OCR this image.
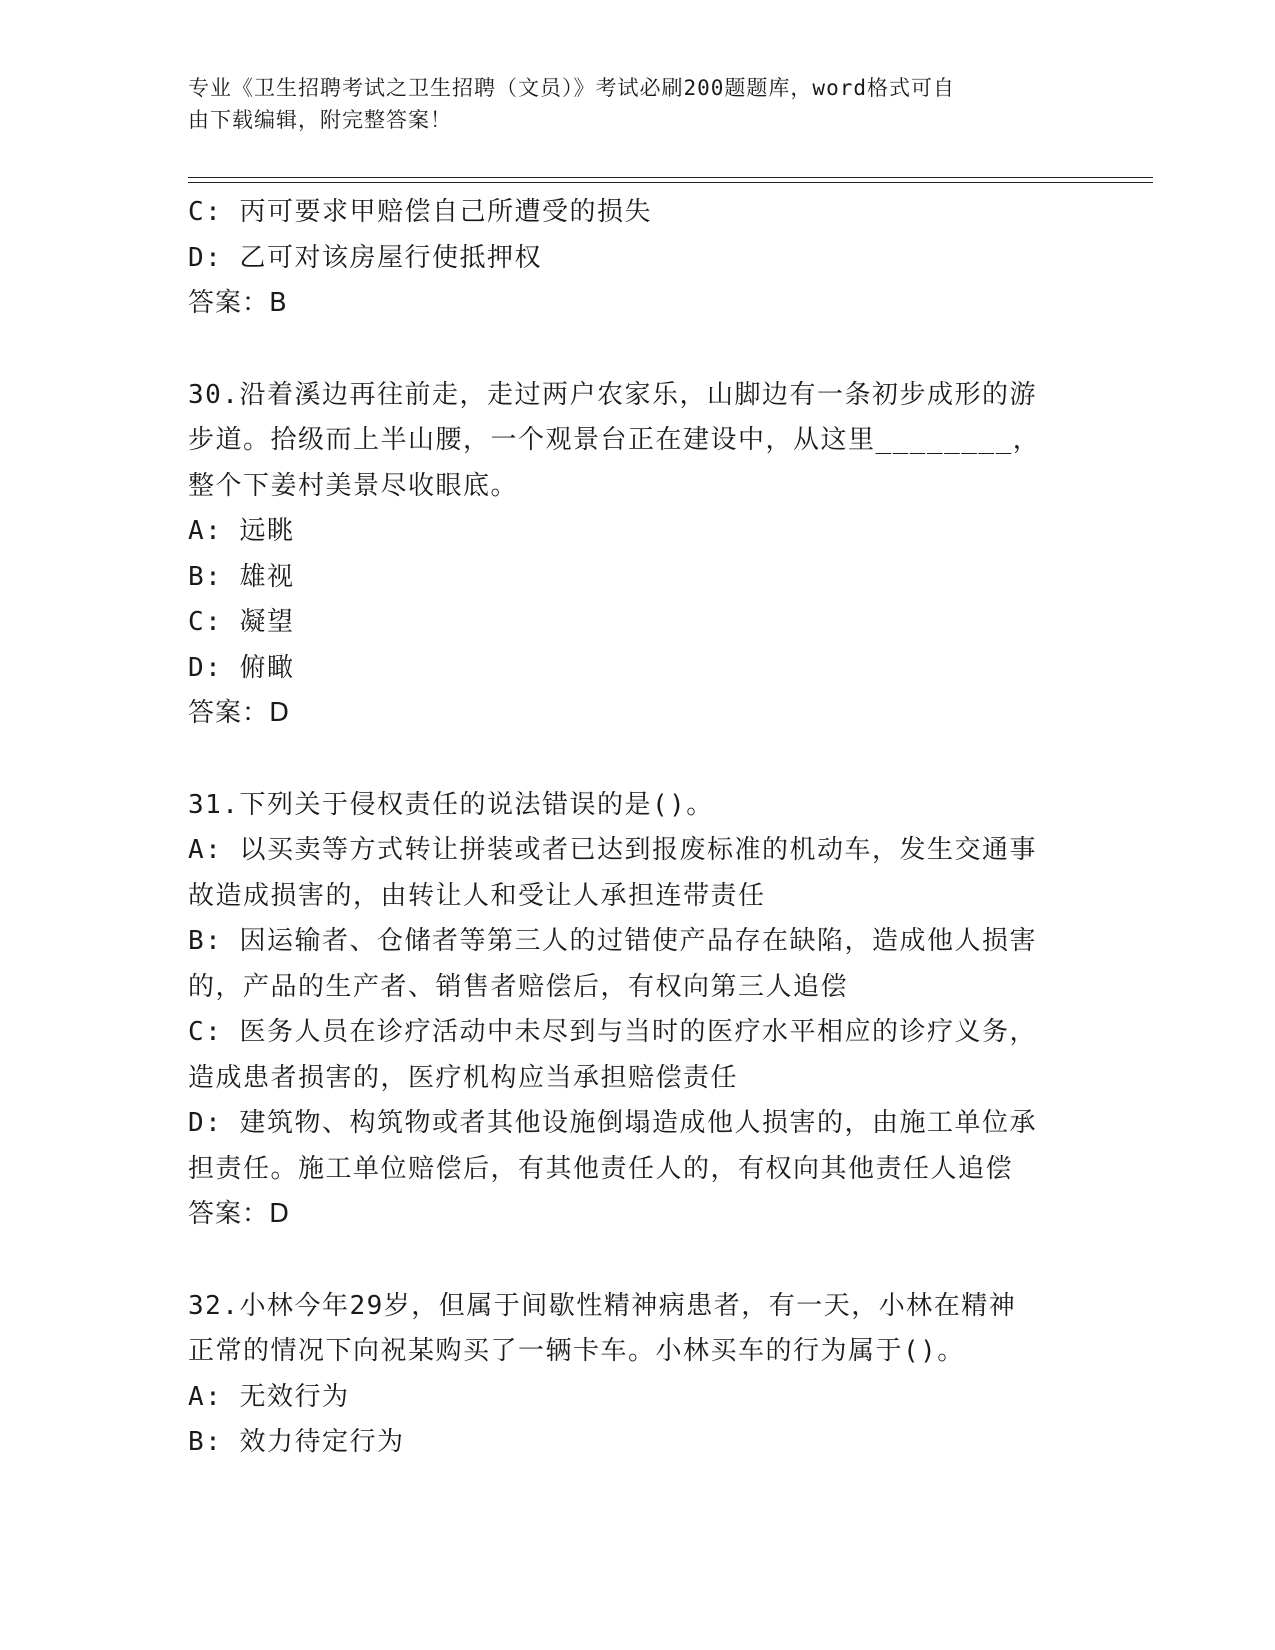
专业《卫生招聘考试之卫生招聘（文员）》考试必刷200题题库，word格式可自
由下载编辑，附完整答案！
C: 丙可要求甲赔偿自己所遭受的损失
D: 乙可对该房屋行使抵押权
答案：B
30.沿着溪边再往前走，走过两户农家乐，山脚边有一条初步成形的游
步道。拾级而上半山腰，一个观景台正在建设中，从这里________，
整个下姜村美景尽收眼底。
A: 远眺
B: 雄视
C: 凝望
D: 俯瞰
答案：D
31.下列关于侵权责任的说法错误的是()。
A: 以买卖等方式转让拼装或者已达到报废标准的机动车，发生交通事
故造成损害的，由转让人和受让人承担连带责任
B: 因运输者、仓储者等第三人的过错使产品存在缺陷，造成他人损害
的，产品的生产者、销售者赔偿后，有权向第三人追偿
C: 医务人员在诊疗活动中未尽到与当时的医疗水平相应的诊疗义务，
造成患者损害的，医疗机构应当承担赔偿责任
D: 建筑物、构筑物或者其他设施倒塌造成他人损害的，由施工单位承
担责任。施工单位赔偿后，有其他责任人的，有权向其他责任人追偿
答案：D
32.小林今年29岁，但属于间歇性精神病患者，有一天，小林在精神
正常的情况下向祝某购买了一辆卡车。小林买车的行为属于()。
A: 无效行为
B: 效力待定行为
